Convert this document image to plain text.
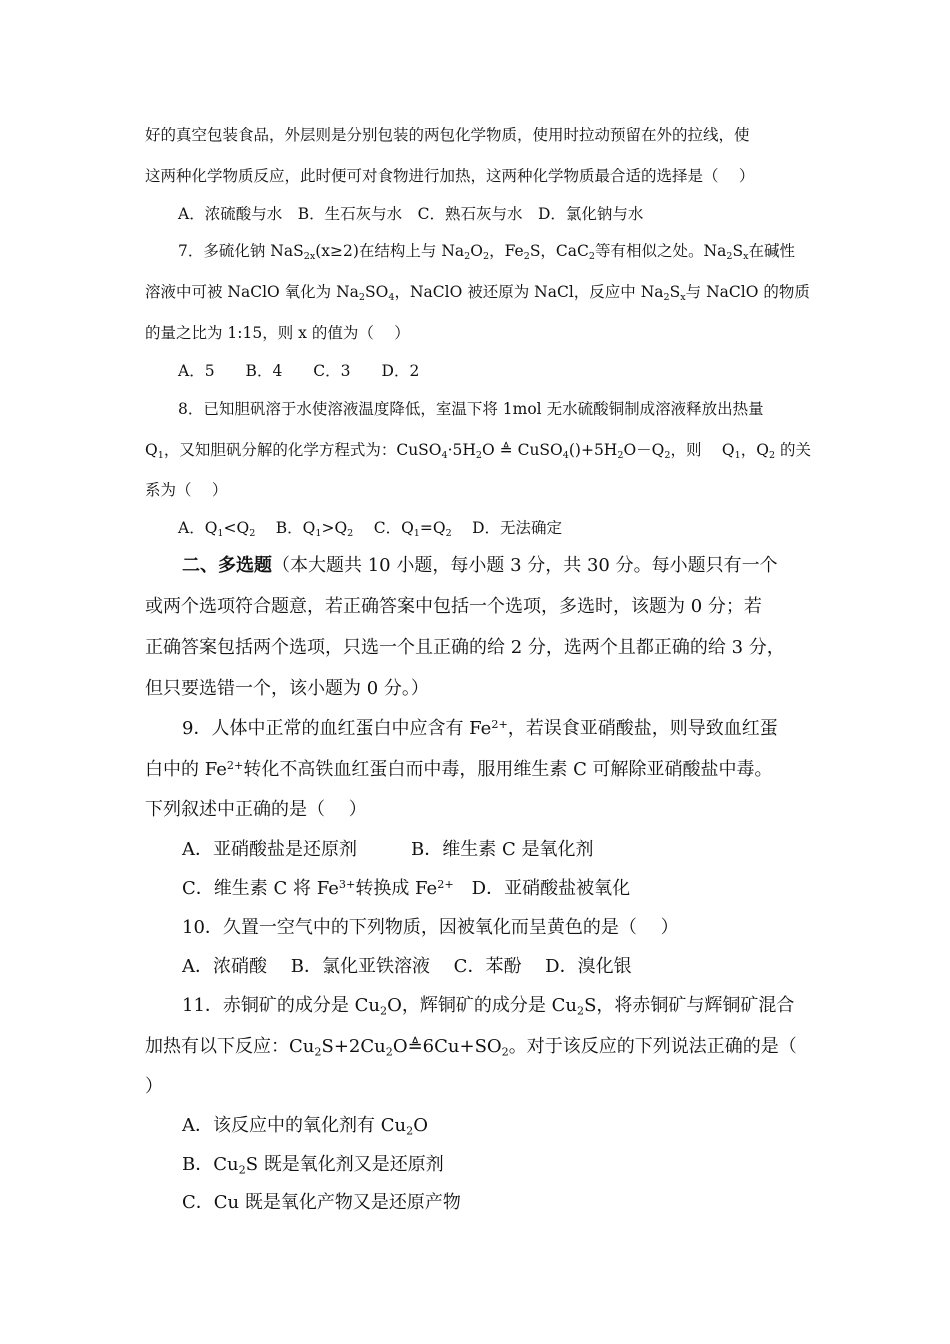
好的真空包装食品，外层则是分别包装的两包化学物质，使用时拉动预留在外的拉线，使
这两种化学物质反应，此时便可对食物进行加热，这两种化学物质最合适的选择是（　 ）
A．浓硫酸与水　B．生石灰与水　C．熟石灰与水　D．氯化钠与水
7．多硫化钠 NaS$_{2x}$(x≥2)在结构上与 $Na_2O_2$，$Fe_2S$，CaC$_2$等有相似之处。$Na_2S_x$在碱性
溶液中可被 NaClO 氧化为 $Na_2SO_4$，NaClO 被还原为 NaCl，反应中 $Na_2S_x$与 NaClO 的物质
的量之比为 1:15，则 x 的值为（　 ）
A．5　　B．4　　C．3　　D．2
8．已知胆矾溶于水使溶液温度降低，室温下将 1mol 无水硫酸铜制成溶液释放出热量
$Q_1$，又知胆矾分解的化学方程式为：$CuSO_4\cdot 5H_2O$ ≜ $CuSO_4()+5H_2O-Q_2$，则　 $Q_1$，$Q_2$ 的关
系为（　 ）
A．$Q_1<Q_2$　 B．$Q_1>Q_2$　 C．$Q_1=Q_2$　 D．无法确定
二、多选题（本大题共 10 小题，每小题 3 分，共 30 分。每小题只有一个
或两个选项符合题意，若正确答案中包括一个选项，多选时，该题为 0 分；若
正确答案包括两个选项，只选一个且正确的给 2 分，选两个且都正确的给 3 分，
但只要选错一个，该小题为 0 分。）
9．人体中正常的血红蛋白中应含有 $Fe^{2+}$，若误食亚硝酸盐，则导致血红蛋
白中的 $Fe^{2+}$转化不高铁血红蛋白而中毒，服用维生素 C 可解除亚硝酸盐中毒。
下列叙述中正确的是（　 ）
A．亚硝酸盐是还原剂　　　B．维生素 C 是氧化剂
C．维生素 C 将 $Fe^{3+}$转换成 $Fe^{2+}$　D．亚硝酸盐被氧化
10．久置一空气中的下列物质，因被氧化而呈黄色的是（　 ）
A．浓硝酸　 B．氯化亚铁溶液　 C．苯酚　 D．溴化银
11．赤铜矿的成分是 $Cu_2O$，辉铜矿的成分是 $Cu_2S$，将赤铜矿与辉铜矿混合
加热有以下反应：$Cu_2S+2Cu_2O≜6Cu+SO_2$。对于该反应的下列说法正确的是（
）
A．该反应中的氧化剂有 $Cu_2O$
B．$Cu_2S$ 既是氧化剂又是还原剂
C．Cu 既是氧化产物又是还原产物
